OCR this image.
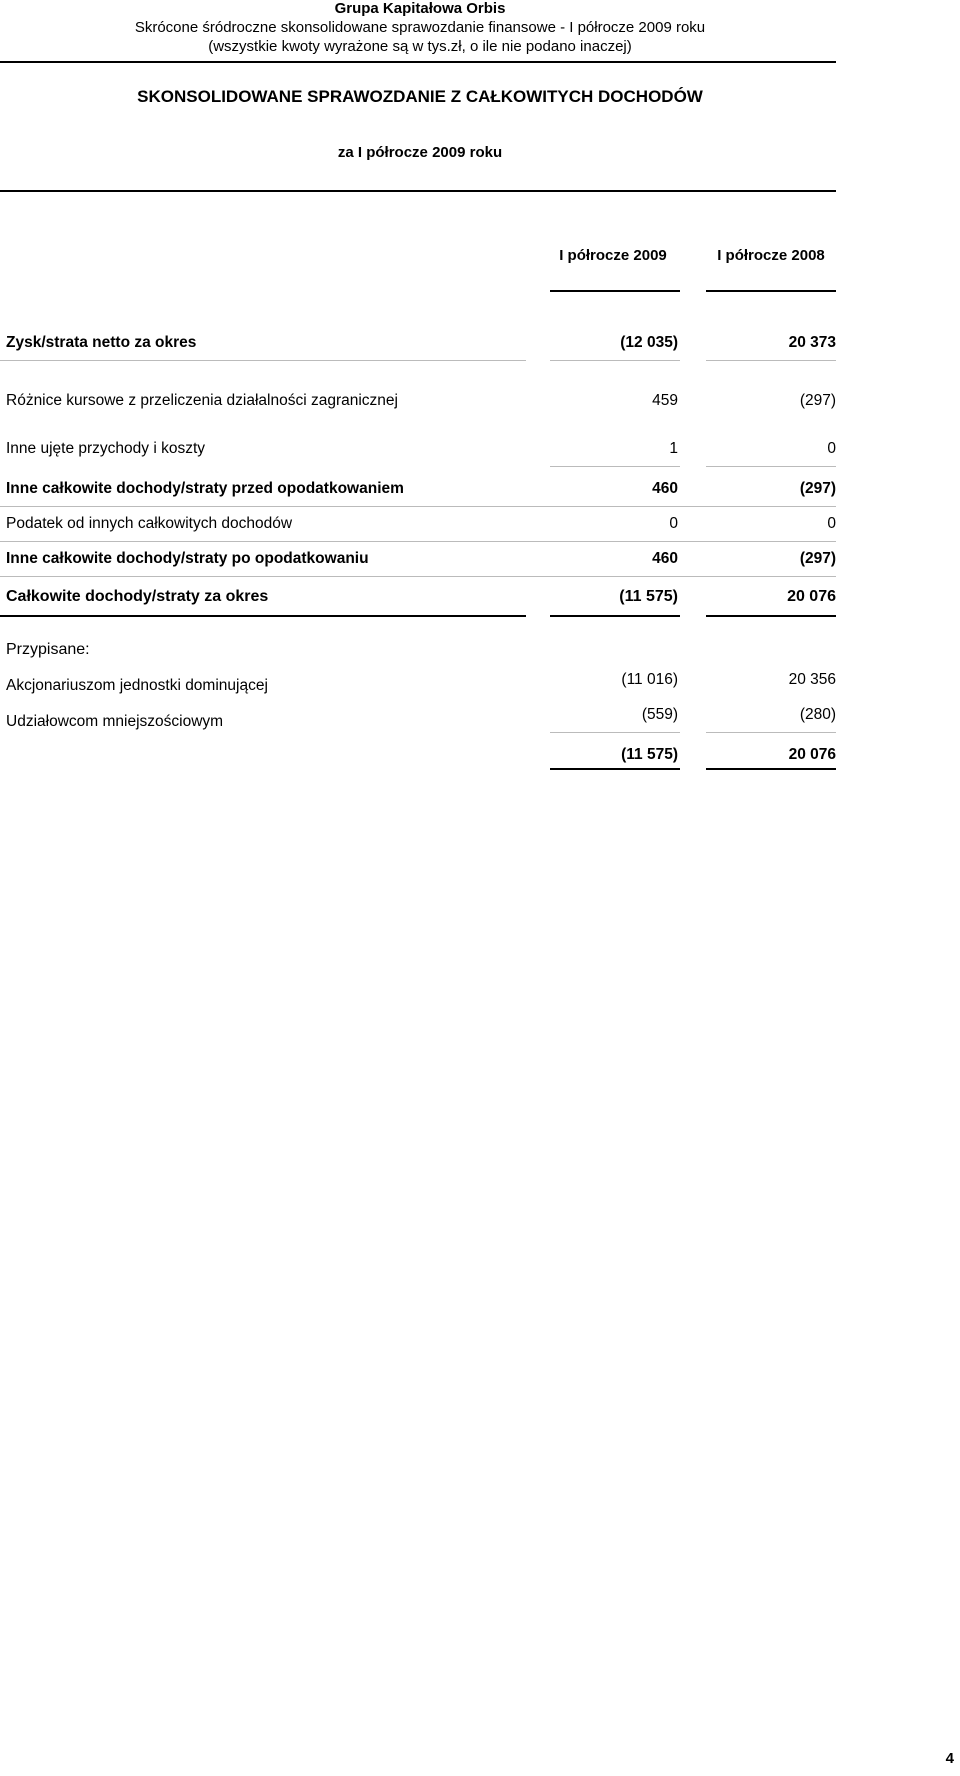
Grupa Kapitałowa Orbis
Skrócone śródroczne skonsolidowane sprawozdanie finansowe - I półrocze 2009 roku
(wszystkie kwoty wyrażone są w tys.zł, o ile nie podano inaczej)
SKONSOLIDOWANE SPRAWOZDANIE Z CAŁKOWITYCH DOCHODÓW
za I półrocze 2009 roku
I półrocze 2009	I półrocze 2008
Zysk/strata netto za okres	(12 035)	20 373
Różnice kursowe z przeliczenia działalności zagranicznej	459	(297)
Inne ujęte przychody i koszty	1	0
Inne całkowite dochody/straty przed opodatkowaniem	460	(297)
Podatek od innych całkowitych dochodów	0	0
Inne całkowite dochody/straty po opodatkowaniu	460	(297)
Całkowite dochody/straty za okres	(11 575)	20 076
Przypisane:
Akcjonariuszom jednostki dominującej	(11 016)	20 356
Udziałowcom mniejszościowym	(559)	(280)
(11 575)	20 076
4
